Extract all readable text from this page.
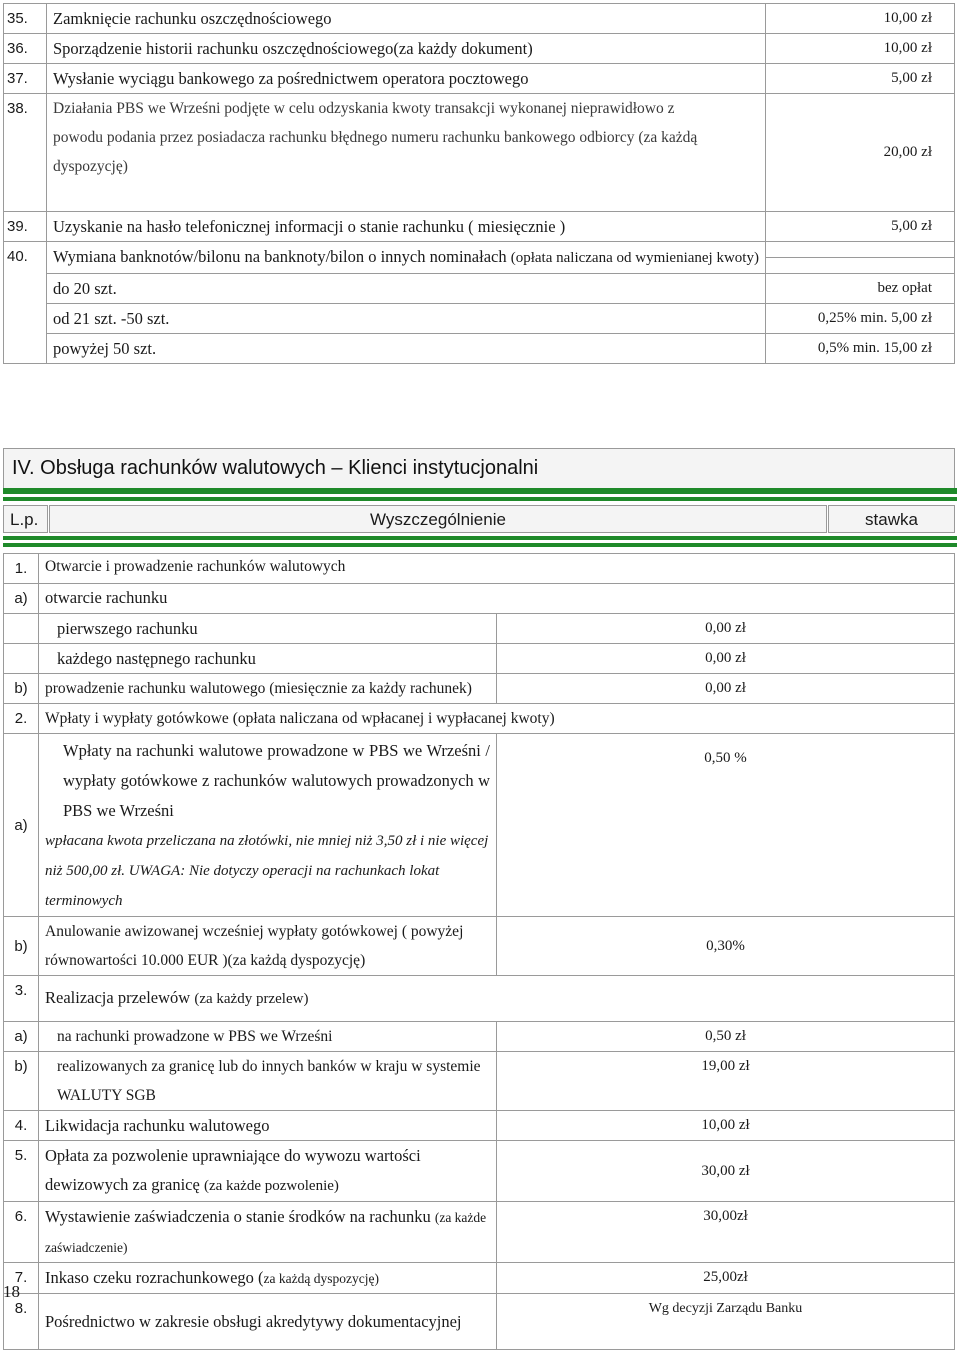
35.	Zamknięcie rachunku oszczędnościowego	10,00 zł
36.	Sporządzenie historii rachunku oszczędnościowego(za każdy dokument)	10,00 zł
37.	Wysłanie wyciągu bankowego za pośrednictwem operatora pocztowego	5,00 zł
38.	Działania PBS we Wrześni podjęte w celu odzyskania kwoty transakcji wykonanej nieprawidłowo z powodu podania przez posiadacza rachunku błędnego numeru rachunku bankowego odbiorcy (za każdą dyspozycję)	20,00 zł
39.	Uzyskanie na hasło telefonicznej informacji o stanie rachunku ( miesięcznie )	5,00 zł
40.	Wymiana banknotów/bilonu na banknoty/bilon o innych nominałach (opłata naliczana od wymienianej kwoty)	

	do 20 szt.	bez opłat
	od 21 szt. -50 szt.	0,25% min. 5,00 zł
	powyżej 50 szt.	0,5% min. 15,00 zł
IV. Obsługa rachunków walutowych – Klienci instytucjonalni
L.p.	Wyszczególnienie	stawka
1.	Otwarcie i prowadzenie rachunków walutowych	
a)	otwarcie rachunku	
	pierwszego rachunku	0,00 zł
	każdego następnego rachunku	0,00 zł
b)	prowadzenie rachunku walutowego (miesięcznie za każdy rachunek)	0,00 zł
2.	Wpłaty i wypłaty gotówkowe (opłata naliczana od wpłacanej i wypłacanej kwoty)	
a)	Wpłaty na rachunki walutowe prowadzone w PBS we Wrześni / wypłaty gotówkowe z rachunków walutowych prowadzonych w PBS we Wrześni
wpłacana kwota przeliczana na złotówki, nie mniej niż 3,50 zł i nie więcej niż 500,00 zł. UWAGA: Nie dotyczy operacji na rachunkach lokat terminowych	0,50 %
b)	Anulowanie awizowanej wcześniej wypłaty gotówkowej ( powyżej równowartości 10.000 EUR )(za każdą dyspozycję)	0,30%
3.	Realizacja przelewów (za każdy przelew)	
a)	na rachunki prowadzone w PBS we Wrześni	0,50 zł
b)	realizowanych za granicę lub do innych banków w kraju w systemie WALUTY SGB	19,00 zł
4.	Likwidacja rachunku walutowego	10,00 zł
5.	Opłata za pozwolenie uprawniające do wywozu wartości dewizowych za granicę (za każde pozwolenie)	30,00 zł
6.	Wystawienie zaświadczenia o stanie środków na rachunku (za każde zaświadczenie)	30,00zł
7.	Inkaso czeku rozrachunkowego (za każdą dyspozycję)	25,00zł
8.	Pośrednictwo w zakresie obsługi akredytywy dokumentacyjnej	Wg decyzji Zarządu Banku
18
